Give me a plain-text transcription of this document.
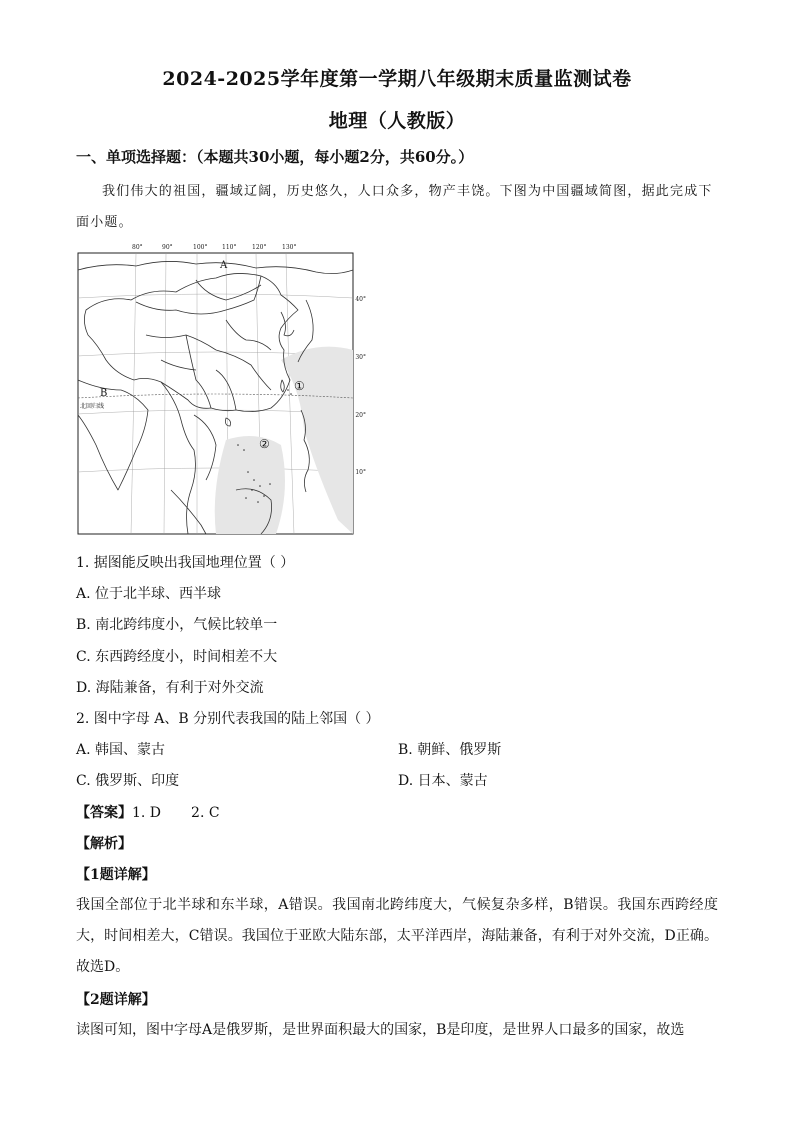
2024-2025学年度第一学期八年级期末质量监测试卷
地理（人教版）
一、单项选择题：（本题共30小题，每小题2分，共60分。）
我们伟大的祖国，疆域辽阔，历史悠久，人口众多，物产丰饶。下图为中国疆域简图，据此完成下面小题。
80°	90°	100° 110°	120°	130°
40°
30°
20°
10°
A
B
①
②
北回归线
1. 据图能反映出我国地理位置（ ）
A. 位于北半球、西半球
B. 南北跨纬度小，气候比较单一
C. 东西跨经度小，时间相差不大
D. 海陆兼备，有利于对外交流
2. 图中字母 A、B 分别代表我国的陆上邻国（ ）
A. 韩国、蒙古	B. 朝鲜、俄罗斯
C. 俄罗斯、印度	D. 日本、蒙古
【答案】1. D 2. C
【解析】
【1题详解】
我国全部位于北半球和东半球，A错误。我国南北跨纬度大，气候复杂多样，B错误。我国东西跨经度大，时间相差大，C错误。我国位于亚欧大陆东部，太平洋西岸，海陆兼备，有利于对外交流，D正确。故选D。
【2题详解】
读图可知，图中字母A是俄罗斯，是世界面积最大的国家，B是印度，是世界人口最多的国家，故选
